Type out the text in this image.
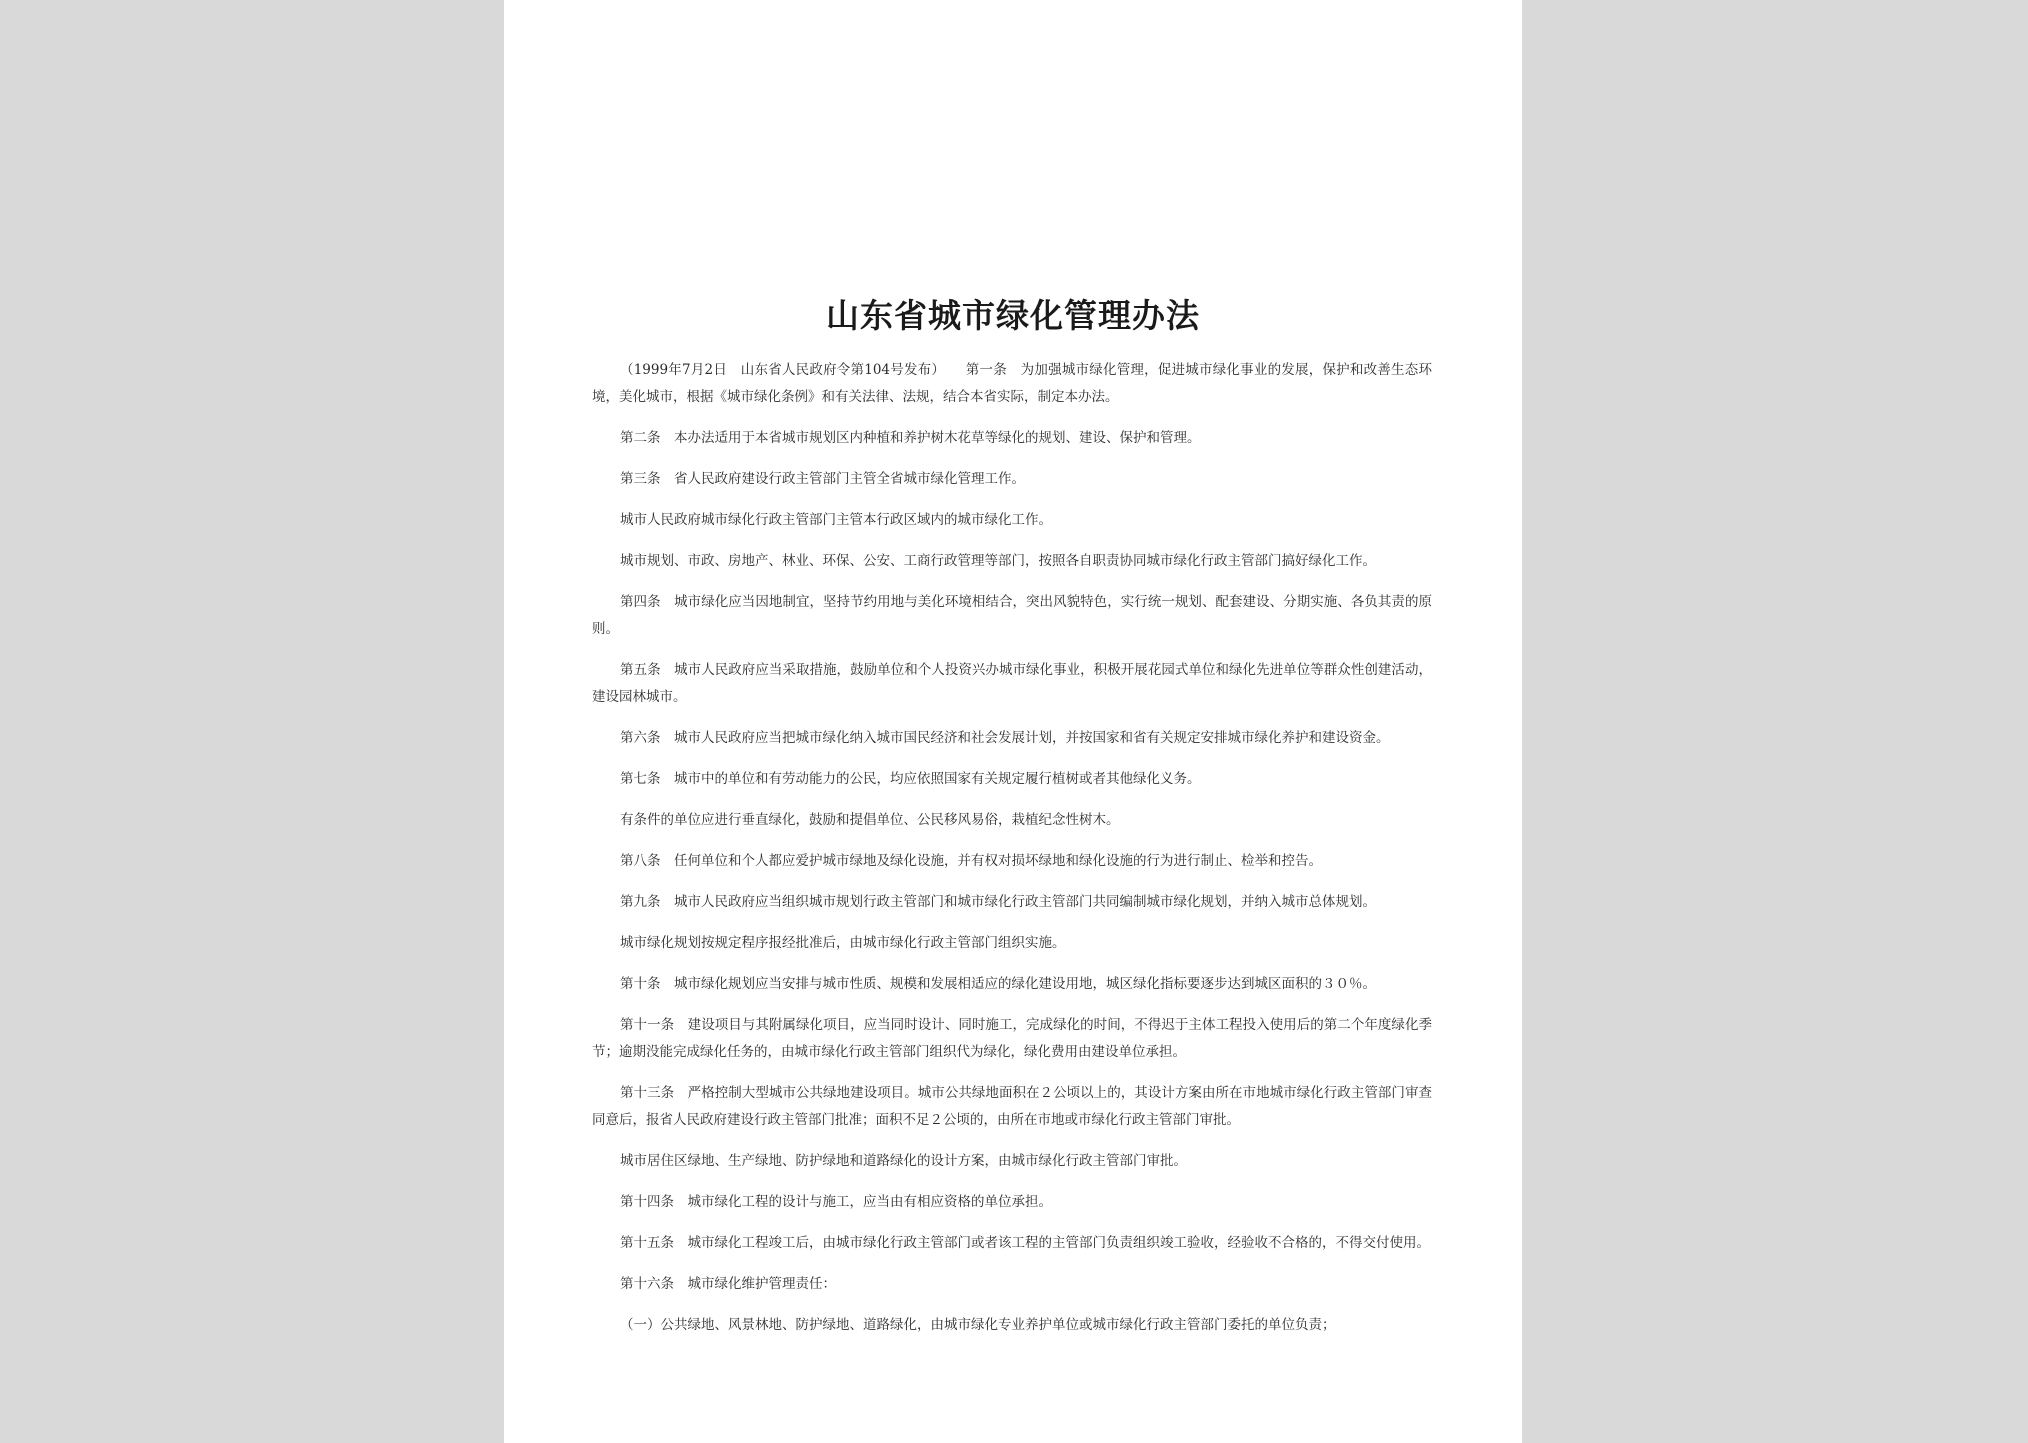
山东省城市绿化管理办法

（1999年7月2日　山东省人民政府令第104号发布）　　第一条　为加强城市绿化管理，促进城市绿化事业的发展，保护和改善生态环境，美化城市，根据《城市绿化条例》和有关法律、法规，结合本省实际，制定本办法。

第二条　本办法适用于本省城市规划区内种植和养护树木花草等绿化的规划、建设、保护和管理。

第三条　省人民政府建设行政主管部门主管全省城市绿化管理工作。

城市人民政府城市绿化行政主管部门主管本行政区域内的城市绿化工作。

城市规划、市政、房地产、林业、环保、公安、工商行政管理等部门，按照各自职责协同城市绿化行政主管部门搞好绿化工作。

第四条　城市绿化应当因地制宜，坚持节约用地与美化环境相结合，突出风貌特色，实行统一规划、配套建设、分期实施、各负其责的原则。

第五条　城市人民政府应当采取措施，鼓励单位和个人投资兴办城市绿化事业，积极开展花园式单位和绿化先进单位等群众性创建活动，建设园林城市。

第六条　城市人民政府应当把城市绿化纳入城市国民经济和社会发展计划，并按国家和省有关规定安排城市绿化养护和建设资金。

第七条　城市中的单位和有劳动能力的公民，均应依照国家有关规定履行植树或者其他绿化义务。

有条件的单位应进行垂直绿化，鼓励和提倡单位、公民移风易俗，栽植纪念性树木。

第八条　任何单位和个人都应爱护城市绿地及绿化设施，并有权对损坏绿地和绿化设施的行为进行制止、检举和控告。

第九条　城市人民政府应当组织城市规划行政主管部门和城市绿化行政主管部门共同编制城市绿化规划，并纳入城市总体规划。

城市绿化规划按规定程序报经批准后，由城市绿化行政主管部门组织实施。

第十条　城市绿化规划应当安排与城市性质、规模和发展相适应的绿化建设用地，城区绿化指标要逐步达到城区面积的３０％。

第十一条　建设项目与其附属绿化项目，应当同时设计、同时施工，完成绿化的时间，不得迟于主体工程投入使用后的第二个年度绿化季节；逾期没能完成绿化任务的，由城市绿化行政主管部门组织代为绿化，绿化费用由建设单位承担。

第十三条　严格控制大型城市公共绿地建设项目。城市公共绿地面积在２公顷以上的，其设计方案由所在市地城市绿化行政主管部门审查同意后，报省人民政府建设行政主管部门批准；面积不足２公顷的，由所在市地或市绿化行政主管部门审批。

城市居住区绿地、生产绿地、防护绿地和道路绿化的设计方案，由城市绿化行政主管部门审批。

第十四条　城市绿化工程的设计与施工，应当由有相应资格的单位承担。

第十五条　城市绿化工程竣工后，由城市绿化行政主管部门或者该工程的主管部门负责组织竣工验收，经验收不合格的，不得交付使用。

第十六条　城市绿化维护管理责任：

（一）公共绿地、风景林地、防护绿地、道路绿化，由城市绿化专业养护单位或城市绿化行政主管部门委托的单位负责；
